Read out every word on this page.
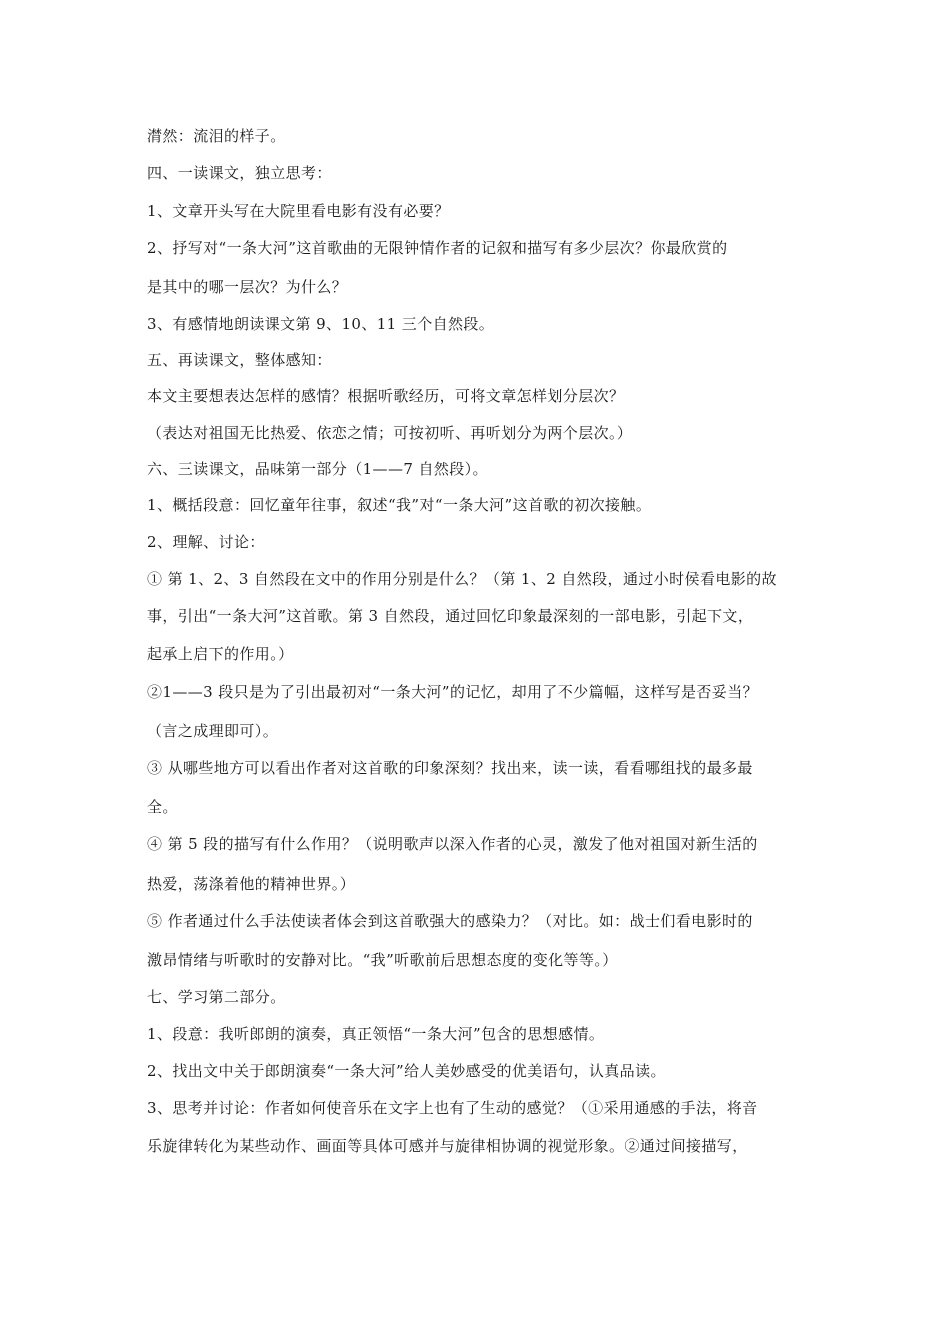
潸然：流泪的样子。
四、一读课文，独立思考：
1、文章开头写在大院里看电影有没有必要？
2、抒写对“一条大河”这首歌曲的无限钟情作者的记叙和描写有多少层次？你最欣赏的
是其中的哪一层次？为什么？
3、有感情地朗读课文第 9、10、11 三个自然段。
五、再读课文，整体感知：
本文主要想表达怎样的感情？根据听歌经历，可将文章怎样划分层次？
（表达对祖国无比热爱、依恋之情；可按初听、再听划分为两个层次。）
六、三读课文，品味第一部分（1——7 自然段）。
1、概括段意：回忆童年往事，叙述“我”对“一条大河”这首歌的初次接触。
2、理解、讨论：
① 第 1、2、3 自然段在文中的作用分别是什么？（第 1、2 自然段，通过小时侯看电影的故
事，引出“一条大河”这首歌。第 3 自然段，通过回忆印象最深刻的一部电影，引起下文，
起承上启下的作用。）
②1——3 段只是为了引出最初对“一条大河”的记忆，却用了不少篇幅，这样写是否妥当？
（言之成理即可）。
③ 从哪些地方可以看出作者对这首歌的印象深刻？找出来，读一读，看看哪组找的最多最
全。
④ 第 5 段的描写有什么作用？（说明歌声以深入作者的心灵，激发了他对祖国对新生活的
热爱，荡涤着他的精神世界。）
⑤ 作者通过什么手法使读者体会到这首歌强大的感染力？（对比。如：战士们看电影时的
激昂情绪与听歌时的安静对比。“我”听歌前后思想态度的变化等等。）
七、学习第二部分。
1、段意：我听郎朗的演奏，真正领悟“一条大河”包含的思想感情。
2、找出文中关于郎朗演奏“一条大河”给人美妙感受的优美语句，认真品读。
3、思考并讨论：作者如何使音乐在文字上也有了生动的感觉？（①采用通感的手法，将音
乐旋律转化为某些动作、画面等具体可感并与旋律相协调的视觉形象。②通过间接描写，
